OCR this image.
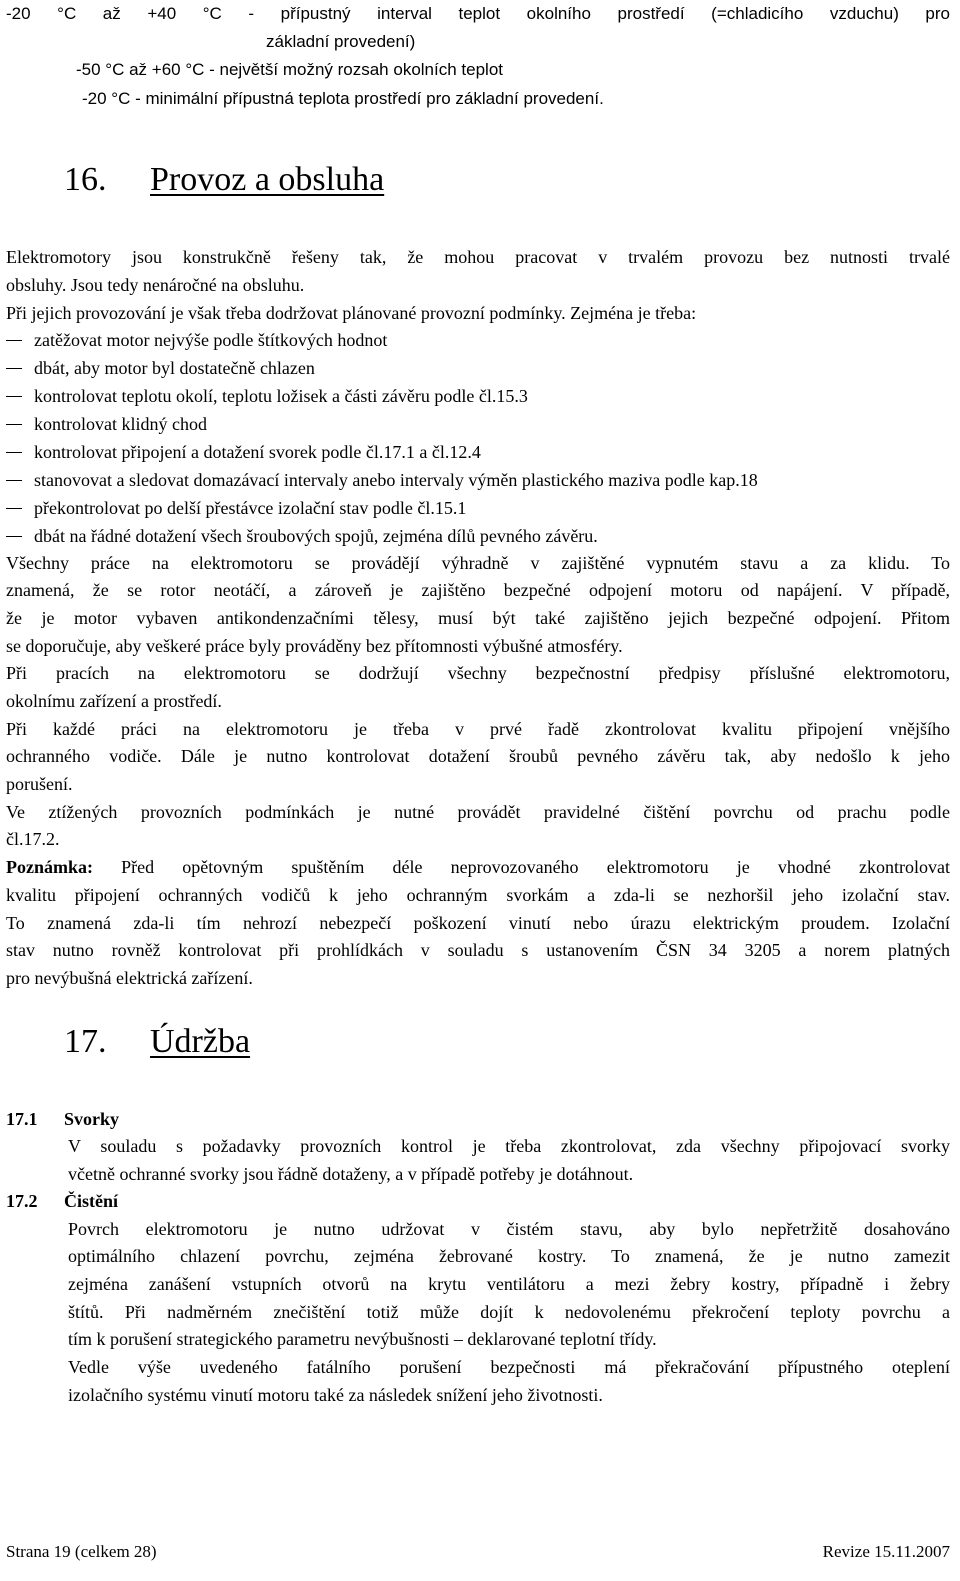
-20 °C až +40 °C - přípustný interval teplot okolního prostředí (=chladicího vzduchu) pro
základní provedení)
-50 °C až +60 °C - největší možný rozsah okolních teplot
-20 °C - minimální přípustná teplota prostředí pro základní provedení.
16. Provoz a obsluha
Elektromotory jsou konstrukčně řešeny tak, že mohou pracovat v trvalém provozu bez nutnosti trvalé
obsluhy. Jsou tedy nenáročné na obsluhu.
Při jejich provozování je však třeba dodržovat plánované provozní podmínky. Zejména je třeba:
zatěžovat motor nejvýše podle štítkových hodnot
dbát, aby motor byl dostatečně chlazen
kontrolovat teplotu okolí, teplotu ložisek a části závěru podle čl.15.3
kontrolovat klidný chod
kontrolovat připojení a dotažení svorek podle čl.17.1 a čl.12.4
stanovovat a sledovat domazávací intervaly anebo intervaly výměn plastického maziva podle kap.18
překontrolovat po delší přestávce izolační stav podle čl.15.1
dbát na řádné dotažení všech šroubových spojů, zejména dílů pevného závěru.
Všechny práce na elektromotoru se provádějí výhradně v zajištěné vypnutém stavu a za klidu. To
znamená, že se rotor neotáčí, a zároveň je zajištěno bezpečné odpojení motoru od napájení. V případě,
že je motor vybaven antikondenzačními tělesy, musí být také zajištěno jejich bezpečné odpojení. Přitom
se doporučuje, aby veškeré práce byly prováděny bez přítomnosti výbušné atmosféry.
Při pracích na elektromotoru se dodržují všechny bezpečnostní předpisy příslušné elektromotoru,
okolnímu zařízení a prostředí.
Při každé práci na elektromotoru je třeba v prvé řadě zkontrolovat kvalitu připojení vnějšího
ochranného vodiče. Dále je nutno kontrolovat dotažení šroubů pevného závěru tak, aby nedošlo k jeho
porušení.
Ve ztížených provozních podmínkách je nutné provádět pravidelné čištění povrchu od prachu podle
čl.17.2.
Poznámka: Před opětovným spuštěním déle neprovozovaného elektromotoru je vhodné zkontrolovat
kvalitu připojení ochranných vodičů k jeho ochranným svorkám a zda-li se nezhoršil jeho izolační stav.
To znamená zda-li tím nehrozí nebezpečí poškození vinutí nebo úrazu elektrickým proudem. Izolační
stav nutno rovněž kontrolovat při prohlídkách v souladu s ustanovením ČSN 34 3205 a norem platných
pro nevýbušná elektrická zařízení.
17. Údržba
17.1 Svorky
V souladu s požadavky provozních kontrol je třeba zkontrolovat, zda všechny připojovací svorky
včetně ochranné svorky jsou řádně dotaženy, a v případě potřeby je dotáhnout.
17.2 Čistění
Povrch elektromotoru je nutno udržovat v čistém stavu, aby bylo nepřetržitě dosahováno
optimálního chlazení povrchu, zejména žebrované kostry. To znamená, že je nutno zamezit
zejména zanášení vstupních otvorů na krytu ventilátoru a mezi žebry kostry, případně i žebry
štítů. Při nadměrném znečištění totiž může dojít k nedovolenému překročení teploty povrchu a
tím k porušení strategického parametru nevýbušnosti – deklarované teplotní třídy.
Vedle výše uvedeného fatálního porušení bezpečnosti má překračování přípustného oteplení
izolačního systému vinutí motoru také za následek snížení jeho životnosti.
Strana 19 (celkem 28)	Revize 15.11.2007
